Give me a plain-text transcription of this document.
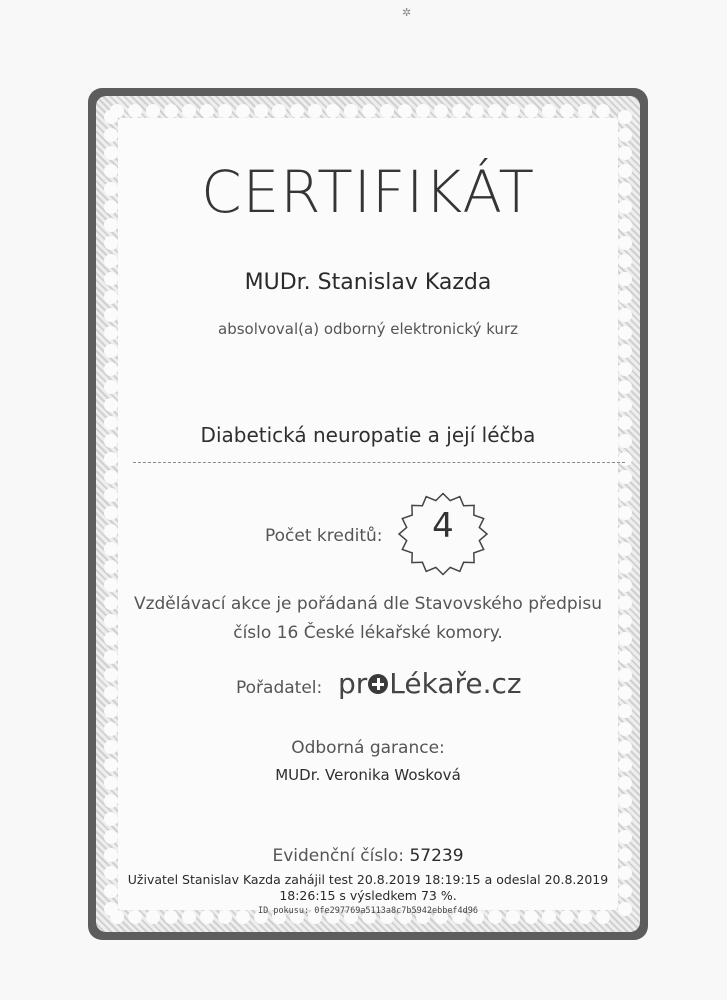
✲
CERTIFIKÁT
MUDr. Stanislav Kazda
absolvoval(a) odborný elektronický kurz
Diabetická neuropatie a její léčba
Počet kreditů:	4
Vzdělávací akce je pořádaná dle Stavovského předpisu
číslo 16 České lékařské komory.
Pořadatel: pr Lékaře.cz
Odborná garance:
MUDr. Veronika Wosková
Evidenční číslo: 57239
Uživatel Stanislav Kazda zahájil test 20.8.2019 18:19:15 a odeslal 20.8.2019
18:26:15 s výsledkem 73 %.
ID pokusu: 0fe297769a5113a8c7b5942ebbef4d96
